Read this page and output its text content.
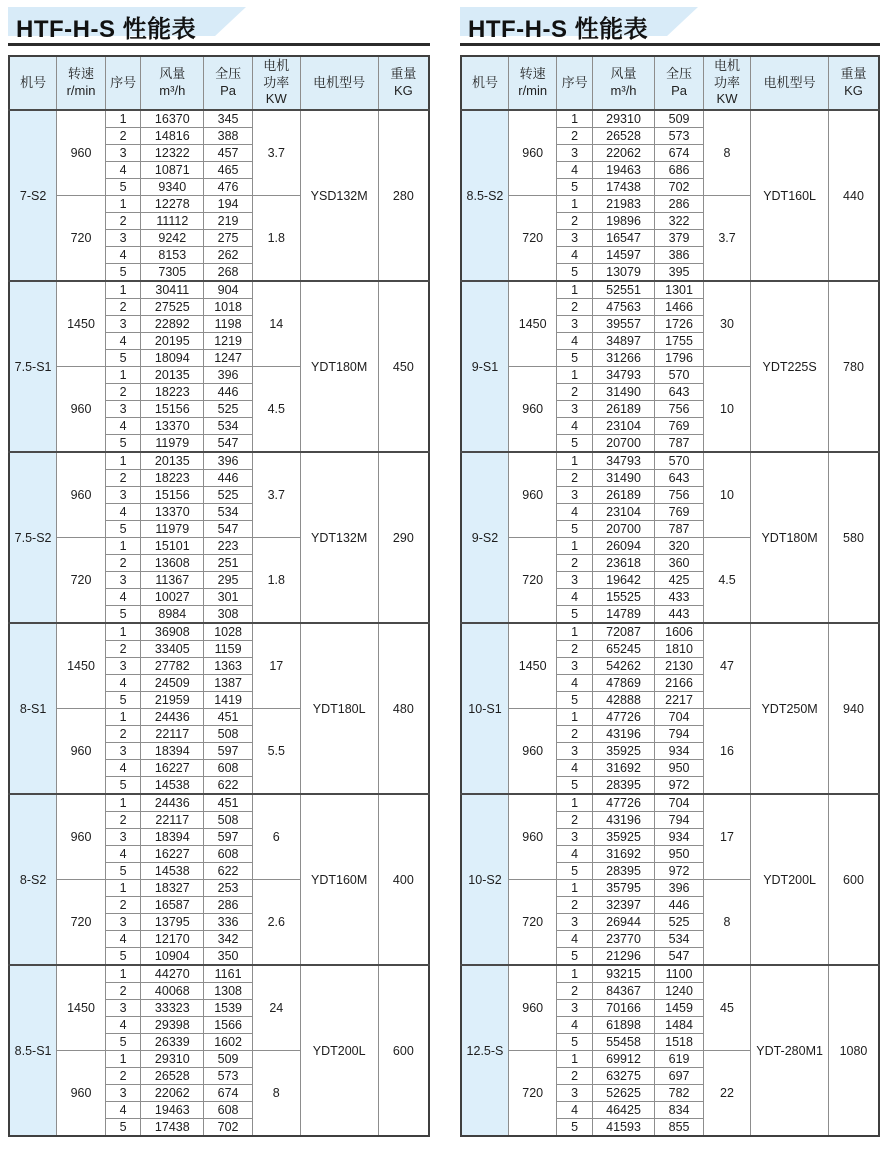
HTF-H-S 性能表
机号	转速
r/min	序号	风量
m³/h	全压
Pa	电机
功率
KW	电机型号	重量
KG
7-S2	960	1	16370	345	3.7	YSD132M	280
		2	14816	388			
		3	12322	457			
		4	10871	465			
		5	9340	476			
	720	1	12278	194	1.8		
		2	11112	219			
		3	9242	275			
		4	8153	262			
		5	7305	268			
7.5-S1	1450	1	30411	904	14	YDT180M	450
		2	27525	1018			
		3	22892	1198			
		4	20195	1219			
		5	18094	1247			
	960	1	20135	396	4.5		
		2	18223	446			
		3	15156	525			
		4	13370	534			
		5	11979	547			
7.5-S2	960	1	20135	396	3.7	YDT132M	290
		2	18223	446			
		3	15156	525			
		4	13370	534			
		5	11979	547			
	720	1	15101	223	1.8		
		2	13608	251			
		3	11367	295			
		4	10027	301			
		5	8984	308			
8-S1	1450	1	36908	1028	17	YDT180L	480
		2	33405	1159			
		3	27782	1363			
		4	24509	1387			
		5	21959	1419			
	960	1	24436	451	5.5		
		2	22117	508			
		3	18394	597			
		4	16227	608			
		5	14538	622			
8-S2	960	1	24436	451	6	YDT160M	400
		2	22117	508			
		3	18394	597			
		4	16227	608			
		5	14538	622			
	720	1	18327	253	2.6		
		2	16587	286			
		3	13795	336			
		4	12170	342			
		5	10904	350			
8.5-S1	1450	1	44270	1161	24	YDT200L	600
		2	40068	1308			
		3	33323	1539			
		4	29398	1566			
		5	26339	1602			
	960	1	29310	509	8		
		2	26528	573			
		3	22062	674			
		4	19463	608			
		5	17438	702			
HTF-H-S 性能表
机号	转速
r/min	序号	风量
m³/h	全压
Pa	电机
功率
KW	电机型号	重量
KG
8.5-S2	960	1	29310	509	8	YDT160L	440
		2	26528	573			
		3	22062	674			
		4	19463	686			
		5	17438	702			
	720	1	21983	286	3.7		
		2	19896	322			
		3	16547	379			
		4	14597	386			
		5	13079	395			
9-S1	1450	1	52551	1301	30	YDT225S	780
		2	47563	1466			
		3	39557	1726			
		4	34897	1755			
		5	31266	1796			
	960	1	34793	570	10		
		2	31490	643			
		3	26189	756			
		4	23104	769			
		5	20700	787			
9-S2	960	1	34793	570	10	YDT180M	580
		2	31490	643			
		3	26189	756			
		4	23104	769			
		5	20700	787			
	720	1	26094	320	4.5		
		2	23618	360			
		3	19642	425			
		4	15525	433			
		5	14789	443			
10-S1	1450	1	72087	1606	47	YDT250M	940
		2	65245	1810			
		3	54262	2130			
		4	47869	2166			
		5	42888	2217			
	960	1	47726	704	16		
		2	43196	794			
		3	35925	934			
		4	31692	950			
		5	28395	972			
10-S2	960	1	47726	704	17	YDT200L	600
		2	43196	794			
		3	35925	934			
		4	31692	950			
		5	28395	972			
	720	1	35795	396	8		
		2	32397	446			
		3	26944	525			
		4	23770	534			
		5	21296	547			
12.5-S	960	1	93215	1100	45	YDT-280M1	1080
		2	84367	1240			
		3	70166	1459			
		4	61898	1484			
		5	55458	1518			
	720	1	69912	619	22		
		2	63275	697			
		3	52625	782			
		4	46425	834			
		5	41593	855			
